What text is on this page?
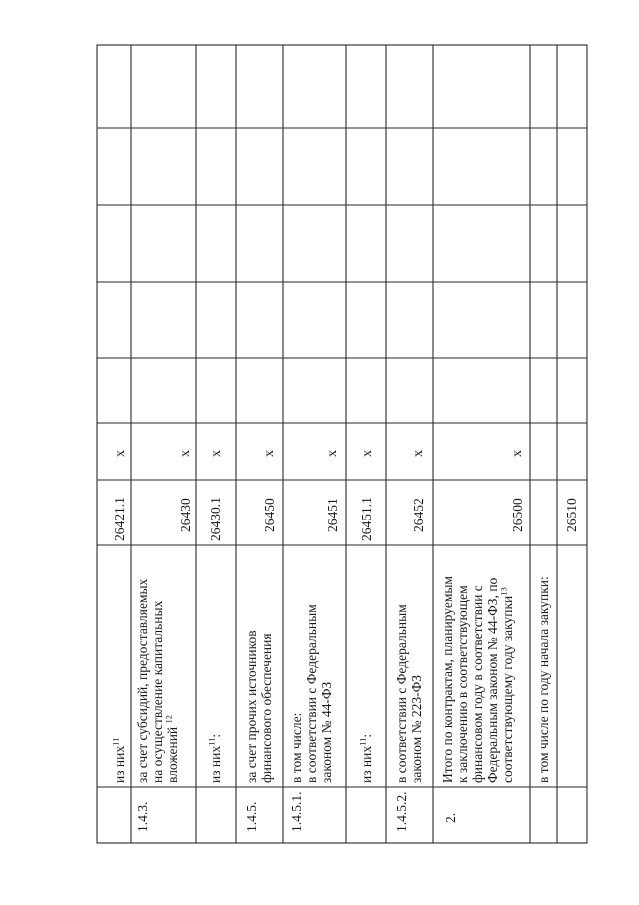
из них$^{11}$
26421.1
x
1.4.3.
за счет субсидий, предоставляемых на осуществление капитальных вложений $^{12}$
26430
x
из них$^{11}$:
26430.1
x
1.4.5.
за счет прочих источников финансового обеспечения
26450
x
1.4.5.1.
в том числе: в соответствии с Федеральным законом № 44-ФЗ
26451
x
из них$^{11}$:
26451.1
x
1.4.5.2.
в соответствии с Федеральным законом № 223-ФЗ
26452
x
2.
Итого по контрактам, планируемым к заключению в соответствующем финансовом году в соответствии с Федеральным законом № 44-ФЗ, по соответствующему году закупки$^{13}$
26500
x
в том числе по году начала закупки:
26510
